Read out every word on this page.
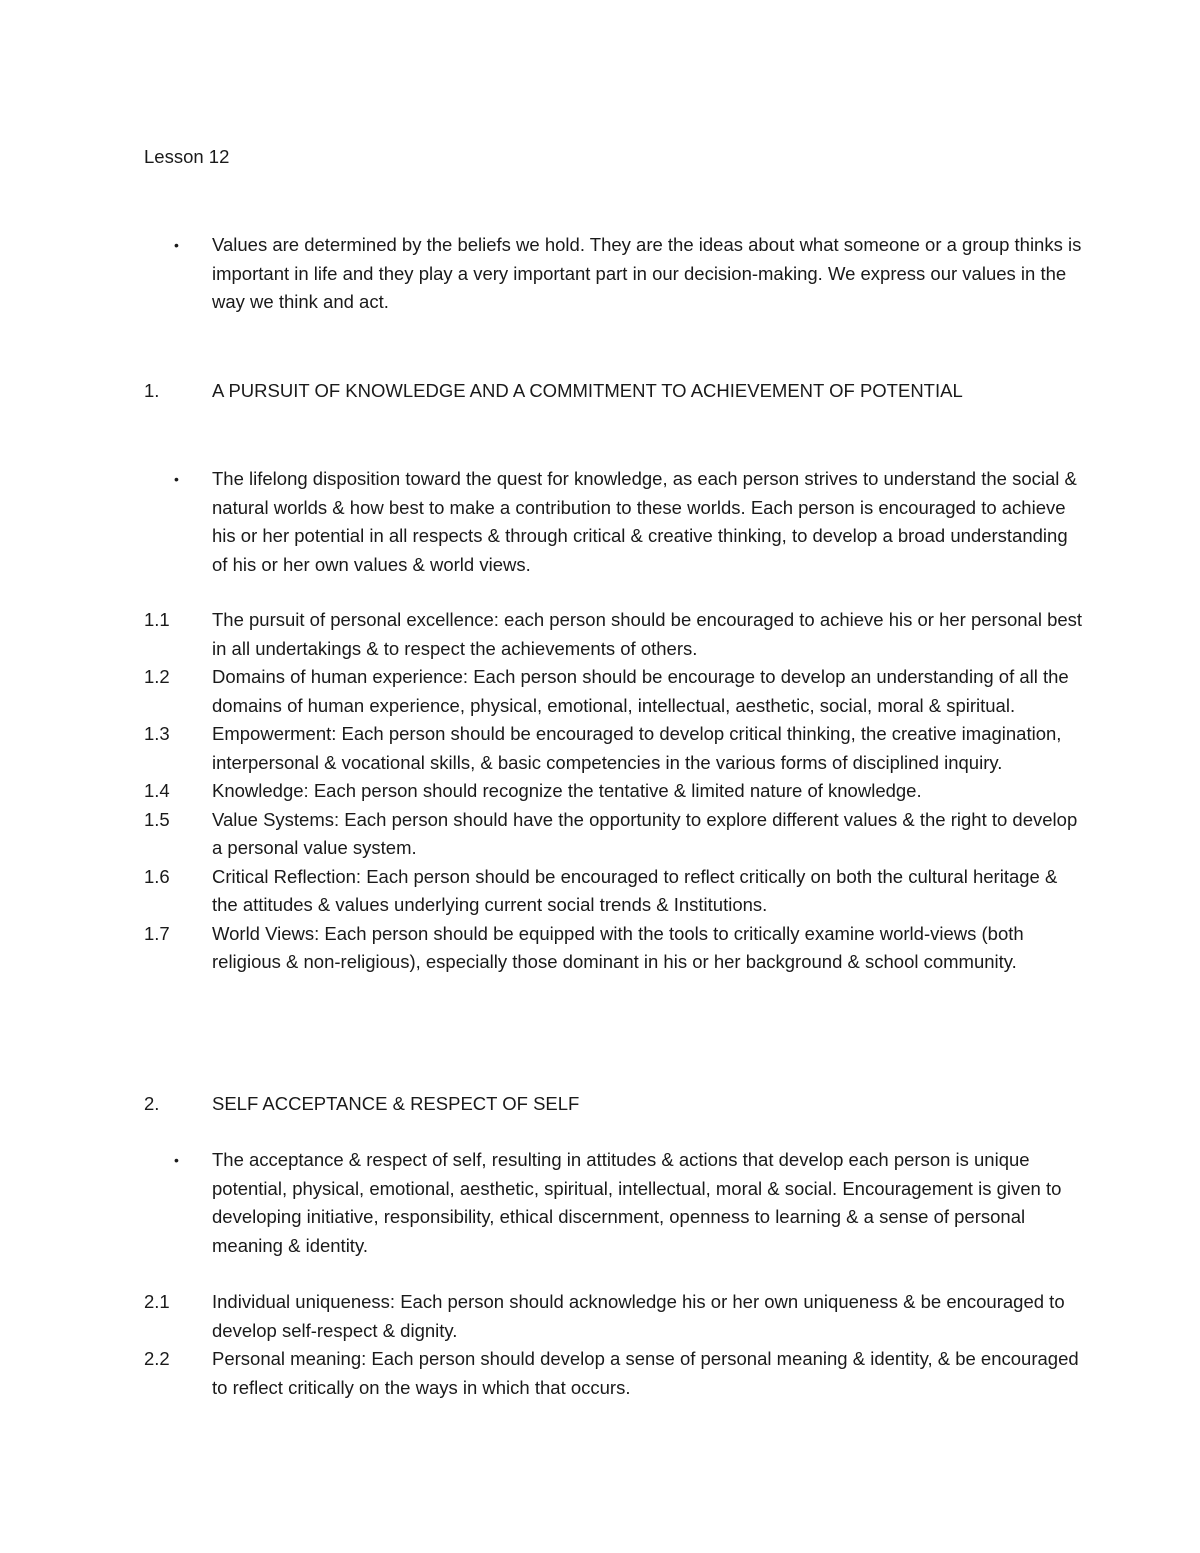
Lesson 12
•	Values are determined by the beliefs we hold. They are the ideas about what someone or a group thinks is important in life and they play a very important part in our decision-making. We express our values in the way we think and act.
1.	A PURSUIT OF KNOWLEDGE AND A COMMITMENT TO ACHIEVEMENT OF POTENTIAL
•	The lifelong disposition toward the quest for knowledge, as each person strives to understand the social & natural worlds & how best to make a contribution to these worlds. Each person is encouraged to achieve his or her potential in all respects & through critical & creative thinking, to develop a broad understanding of his or her own values & world views.
1.1	The pursuit of personal excellence: each person should be encouraged to achieve his or her personal best in all undertakings & to respect the achievements of others.
1.2	Domains of human experience: Each person should be encourage to develop an understanding of all the domains of human experience, physical, emotional, intellectual, aesthetic, social, moral & spiritual.
1.3	Empowerment: Each person should be encouraged to develop critical thinking, the creative imagination, interpersonal & vocational skills, & basic competencies in the various forms of disciplined inquiry.
1.4	Knowledge: Each person should recognize the tentative & limited nature of knowledge.
1.5	Value Systems: Each person should have the opportunity to explore different values & the right to develop a personal value system.
1.6	Critical Reflection: Each person should be encouraged to reflect critically on both the cultural heritage & the attitudes & values underlying current social trends & Institutions.
1.7	World Views: Each person should be equipped with the tools to critically examine world-views (both religious & non-religious), especially those dominant in his or her background & school community.
2.	SELF ACCEPTANCE & RESPECT OF SELF
•	The acceptance & respect of self, resulting in attitudes & actions that develop each person is unique potential, physical, emotional, aesthetic, spiritual, intellectual, moral & social. Encouragement is given to developing initiative, responsibility, ethical discernment, openness to learning & a sense of personal meaning & identity.
2.1	Individual uniqueness: Each person should acknowledge his or her own uniqueness & be encouraged to develop self-respect & dignity.
2.2	Personal meaning: Each person should develop a sense of personal meaning & identity, & be encouraged to reflect critically on the ways in which that occurs.
